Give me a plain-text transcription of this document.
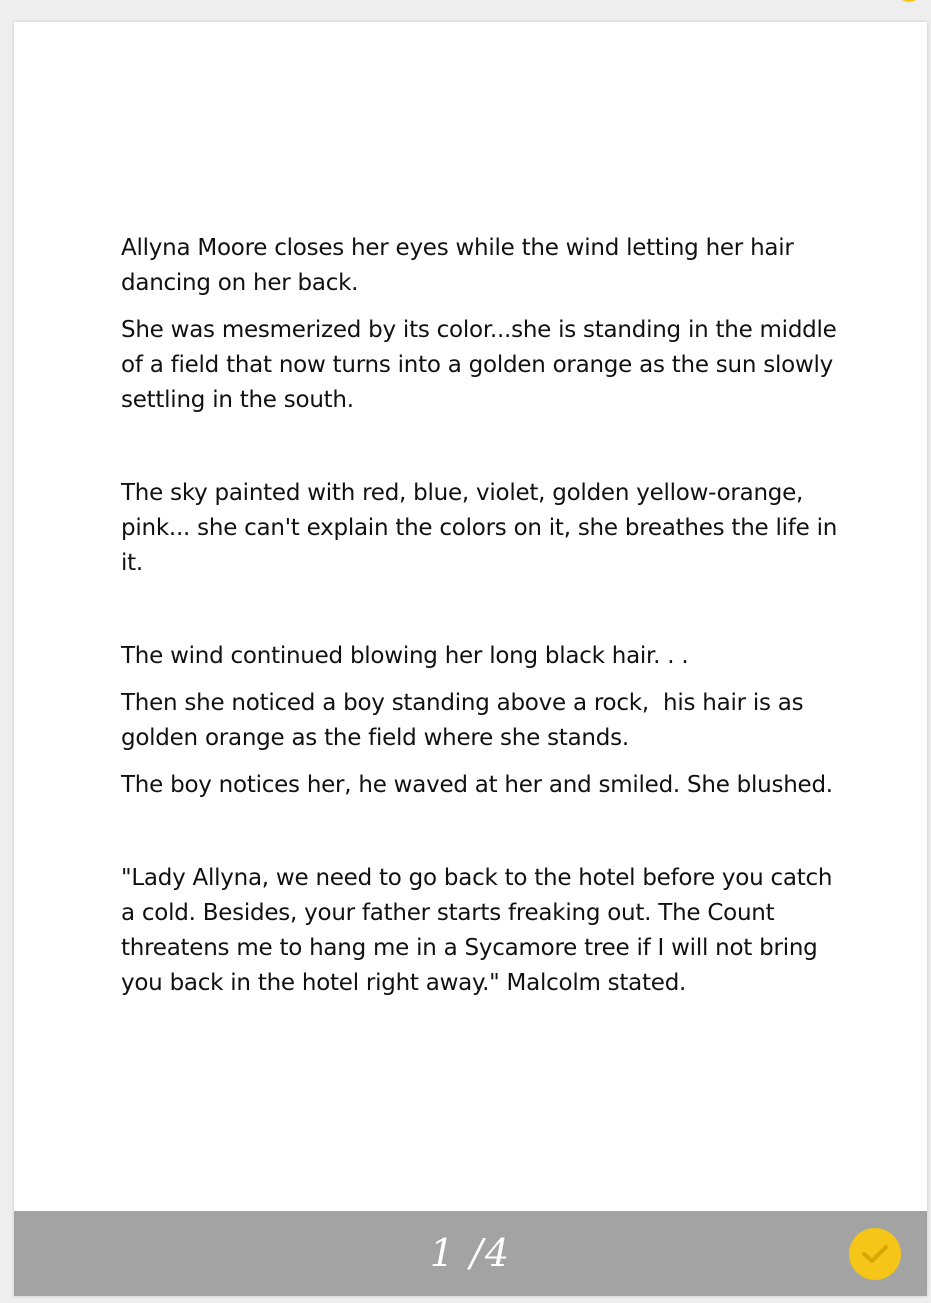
Allyna Moore closes her eyes while the wind letting her hair dancing on her back.

She was mesmerized by its color...she is standing in the middle of a field that now turns into a golden orange as the sun slowly settling in the south.

The sky painted with red, blue, violet, golden yellow-orange, pink... she can't explain the colors on it, she breathes the life in it.

The wind continued blowing her long black hair. . .

Then she noticed a boy standing above a rock,  his hair is as golden orange as the field where she stands.

The boy notices her, he waved at her and smiled. She blushed.

"Lady Allyna, we need to go back to the hotel before you catch a cold. Besides, your father starts freaking out. The Count threatens me to hang me in a Sycamore tree if I will not bring you back in the hotel right away." Malcolm stated.

1 /4
